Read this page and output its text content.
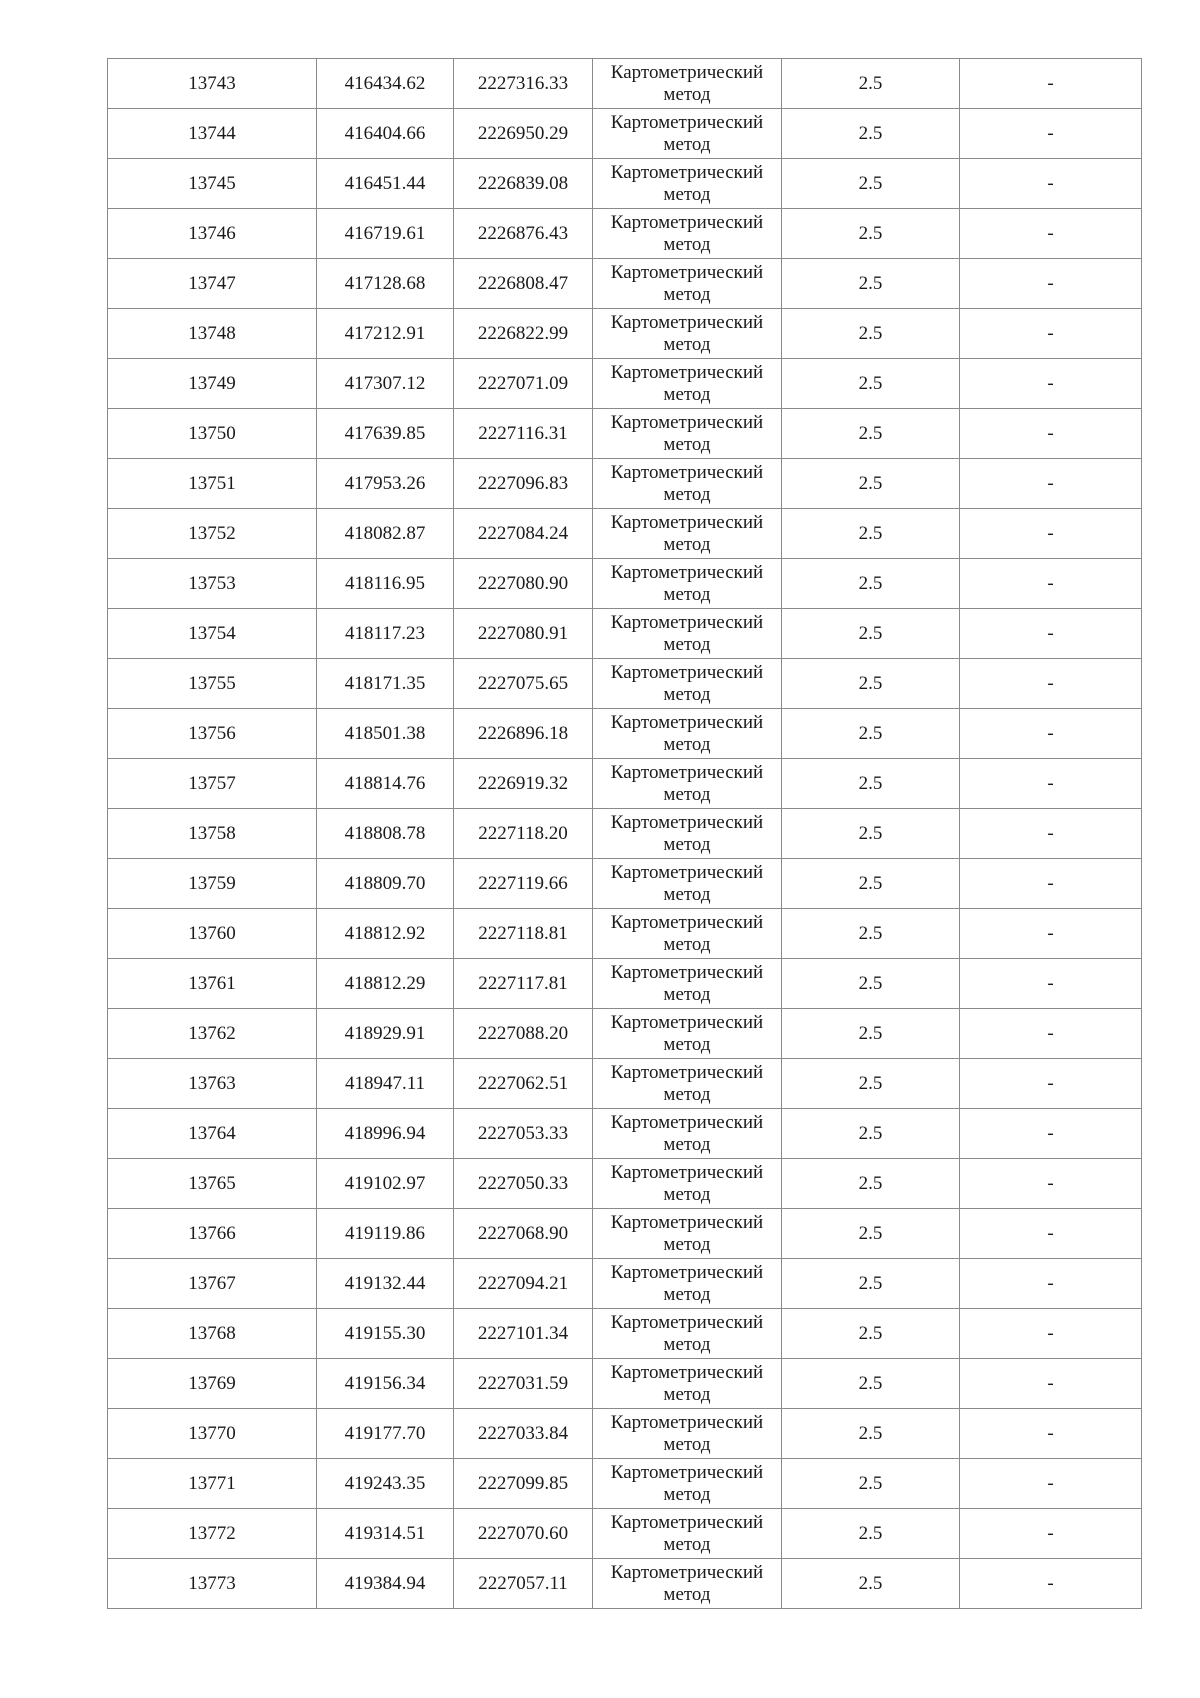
13743	416434.62	2227316.33	Картометрический
метод	2.5	-
13744	416404.66	2226950.29	Картометрический
метод	2.5	-
13745	416451.44	2226839.08	Картометрический
метод	2.5	-
13746	416719.61	2226876.43	Картометрический
метод	2.5	-
13747	417128.68	2226808.47	Картометрический
метод	2.5	-
13748	417212.91	2226822.99	Картометрический
метод	2.5	-
13749	417307.12	2227071.09	Картометрический
метод	2.5	-
13750	417639.85	2227116.31	Картометрический
метод	2.5	-
13751	417953.26	2227096.83	Картометрический
метод	2.5	-
13752	418082.87	2227084.24	Картометрический
метод	2.5	-
13753	418116.95	2227080.90	Картометрический
метод	2.5	-
13754	418117.23	2227080.91	Картометрический
метод	2.5	-
13755	418171.35	2227075.65	Картометрический
метод	2.5	-
13756	418501.38	2226896.18	Картометрический
метод	2.5	-
13757	418814.76	2226919.32	Картометрический
метод	2.5	-
13758	418808.78	2227118.20	Картометрический
метод	2.5	-
13759	418809.70	2227119.66	Картометрический
метод	2.5	-
13760	418812.92	2227118.81	Картометрический
метод	2.5	-
13761	418812.29	2227117.81	Картометрический
метод	2.5	-
13762	418929.91	2227088.20	Картометрический
метод	2.5	-
13763	418947.11	2227062.51	Картометрический
метод	2.5	-
13764	418996.94	2227053.33	Картометрический
метод	2.5	-
13765	419102.97	2227050.33	Картометрический
метод	2.5	-
13766	419119.86	2227068.90	Картометрический
метод	2.5	-
13767	419132.44	2227094.21	Картометрический
метод	2.5	-
13768	419155.30	2227101.34	Картометрический
метод	2.5	-
13769	419156.34	2227031.59	Картометрический
метод	2.5	-
13770	419177.70	2227033.84	Картометрический
метод	2.5	-
13771	419243.35	2227099.85	Картометрический
метод	2.5	-
13772	419314.51	2227070.60	Картометрический
метод	2.5	-
13773	419384.94	2227057.11	Картометрический
метод	2.5	-
